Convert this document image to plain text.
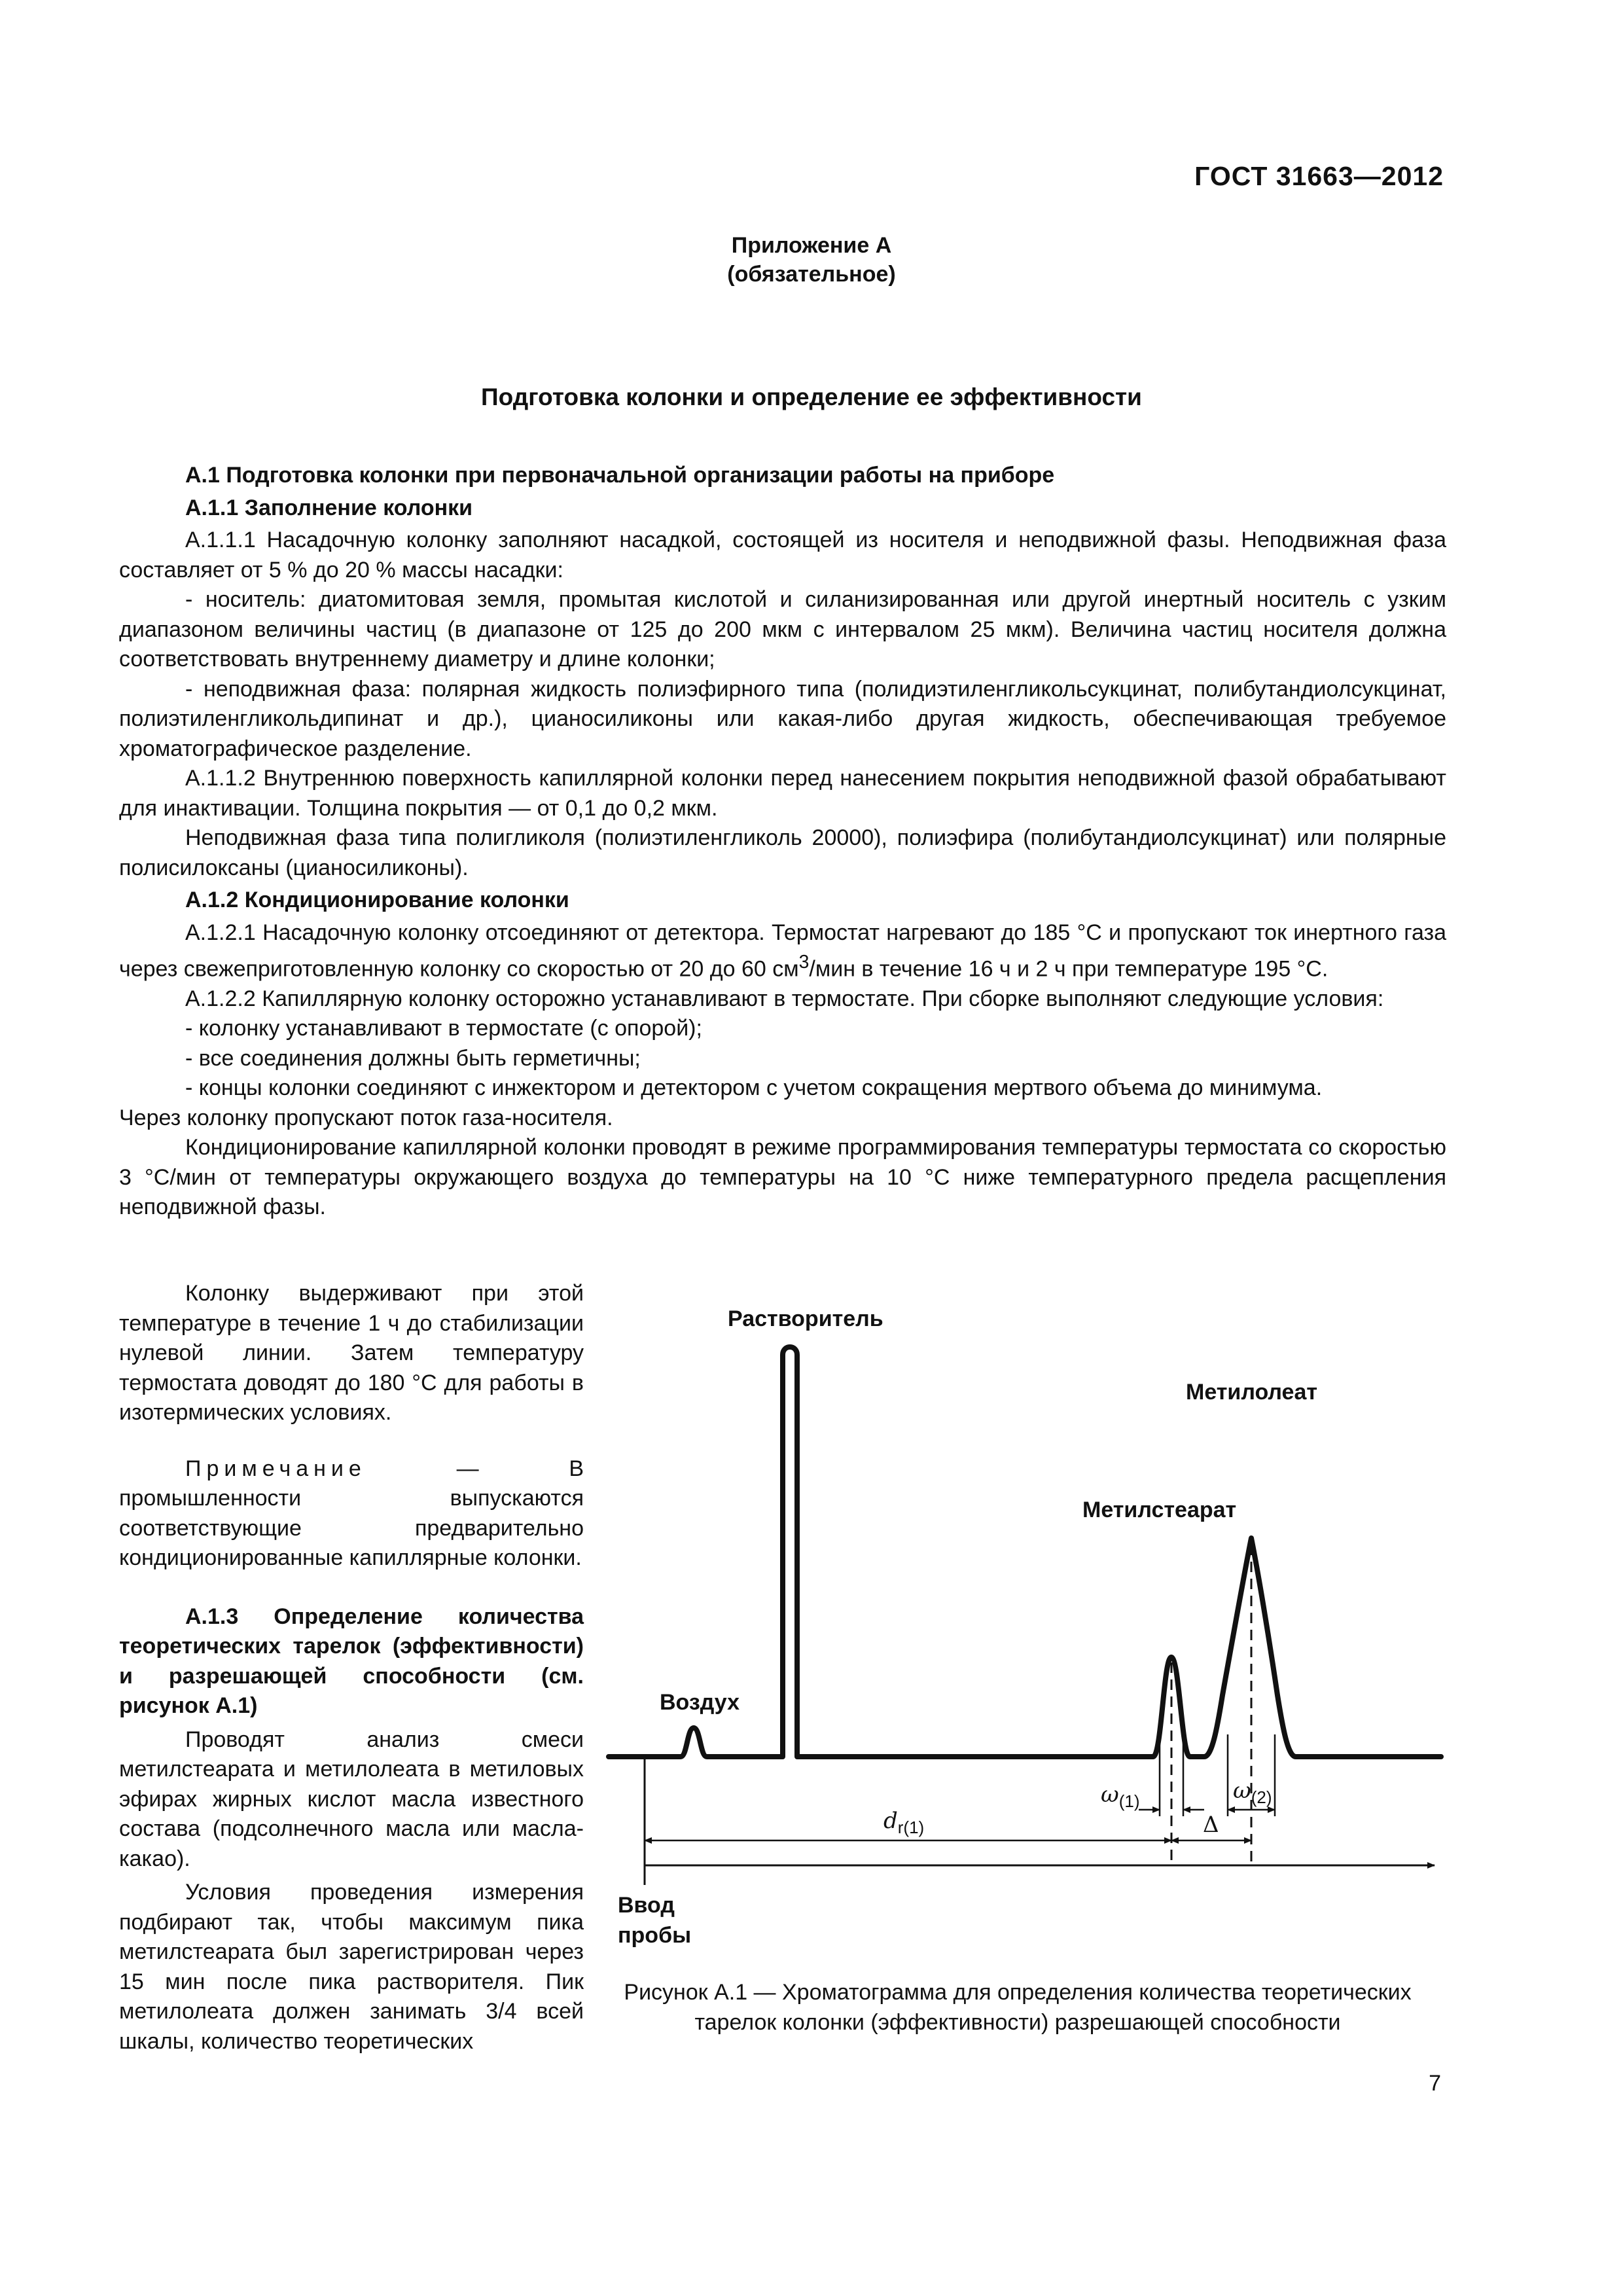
ГОСТ 31663—2012
Приложение А
(обязательное)
Подготовка колонки и определение ее эффективности

А.1 Подготовка колонки при первоначальной организации работы на приборе

А.1.1 Заполнение колонки

А.1.1.1 Насадочную колонку заполняют насадкой, состоящей из носителя и неподвижной фазы. Неподвижная фаза составляет от 5 % до 20 % массы насадки:

- носитель: диатомитовая земля, промытая кислотой и силанизированная или другой инертный носитель с узким диапазоном величины частиц (в диапазоне от 125 до 200 мкм с интервалом 25 мкм). Величина частиц носителя должна соответствовать внутреннему диаметру и длине колонки;

- неподвижная фаза: полярная жидкость полиэфирного типа (полидиэтиленгликольсукцинат, полибутандиолсукцинат, полиэтиленгликольдипинат и др.), цианосиликоны или какая-либо другая жидкость, обеспечивающая требуемое хроматографическое разделение.

А.1.1.2 Внутреннюю поверхность капиллярной колонки перед нанесением покрытия неподвижной фазой обрабатывают для инактивации. Толщина покрытия — от 0,1 до 0,2 мкм.

Неподвижная фаза типа полигликоля (полиэтиленгликоль 20000), полиэфира (полибутандиолсукцинат) или полярные полисилоксаны (цианосиликоны).

А.1.2 Кондиционирование колонки

А.1.2.1 Насадочную колонку отсоединяют от детектора. Термостат нагревают до 185 °С и пропускают ток инертного газа через свежеприготовленную колонку со скоростью от 20 до 60 $см^3$/мин в течение 16 ч и 2 ч при температуре 195 °С.

А.1.2.2 Капиллярную колонку осторожно устанавливают в термостате. При сборке выполняют следующие условия:

- колонку устанавливают в термостате (с опорой);

- все соединения должны быть герметичны;

- концы колонки соединяют с инжектором и детектором с учетом сокращения мертвого объема до минимума.

Через колонку пропускают поток газа-носителя.

Кондиционирование капиллярной колонки проводят в режиме программирования температуры термостата со скоростью 3 °С/мин от температуры окружающего воздуха до температуры на 10 °С ниже температурного предела расщепления неподвижной фазы.

Колонку выдерживают при этой температуре в течение 1 ч до стабилизации нулевой линии. Затем температуру термостата доводят до 180 °С для работы в изотермических условиях.

Примечание	— В промышленности выпускаются соответствующие предварительно кондиционированные капиллярные колонки.

А.1.3 Определение количества теоретических тарелок (эффективности) и разрешающей способности (см. рисунок А.1)

Проводят анализ смеси метилстеарата и метилолеата в метиловых эфирах жирных кислот масла известного состава (подсолнечного масла или масла-какао).

Условия проведения измерения подбирают так, чтобы максимум пика метилстеарата был зарегистрирован через 15 мин после пика растворителя. Пик метилолеата должен занимать 3/4 всей шкалы, количество теоретических

Растворитель
Метилолеат
Метилстеарат
Воздух
Ввод
пробы
$\omega_{(1)}$	$\omega_{(2)}$
$d_{r(1)}$	Δ
Рисунок А.1 — Хроматограмма для определения количества теоретических тарелок колонки (эффективности) разрешающей способности
7
